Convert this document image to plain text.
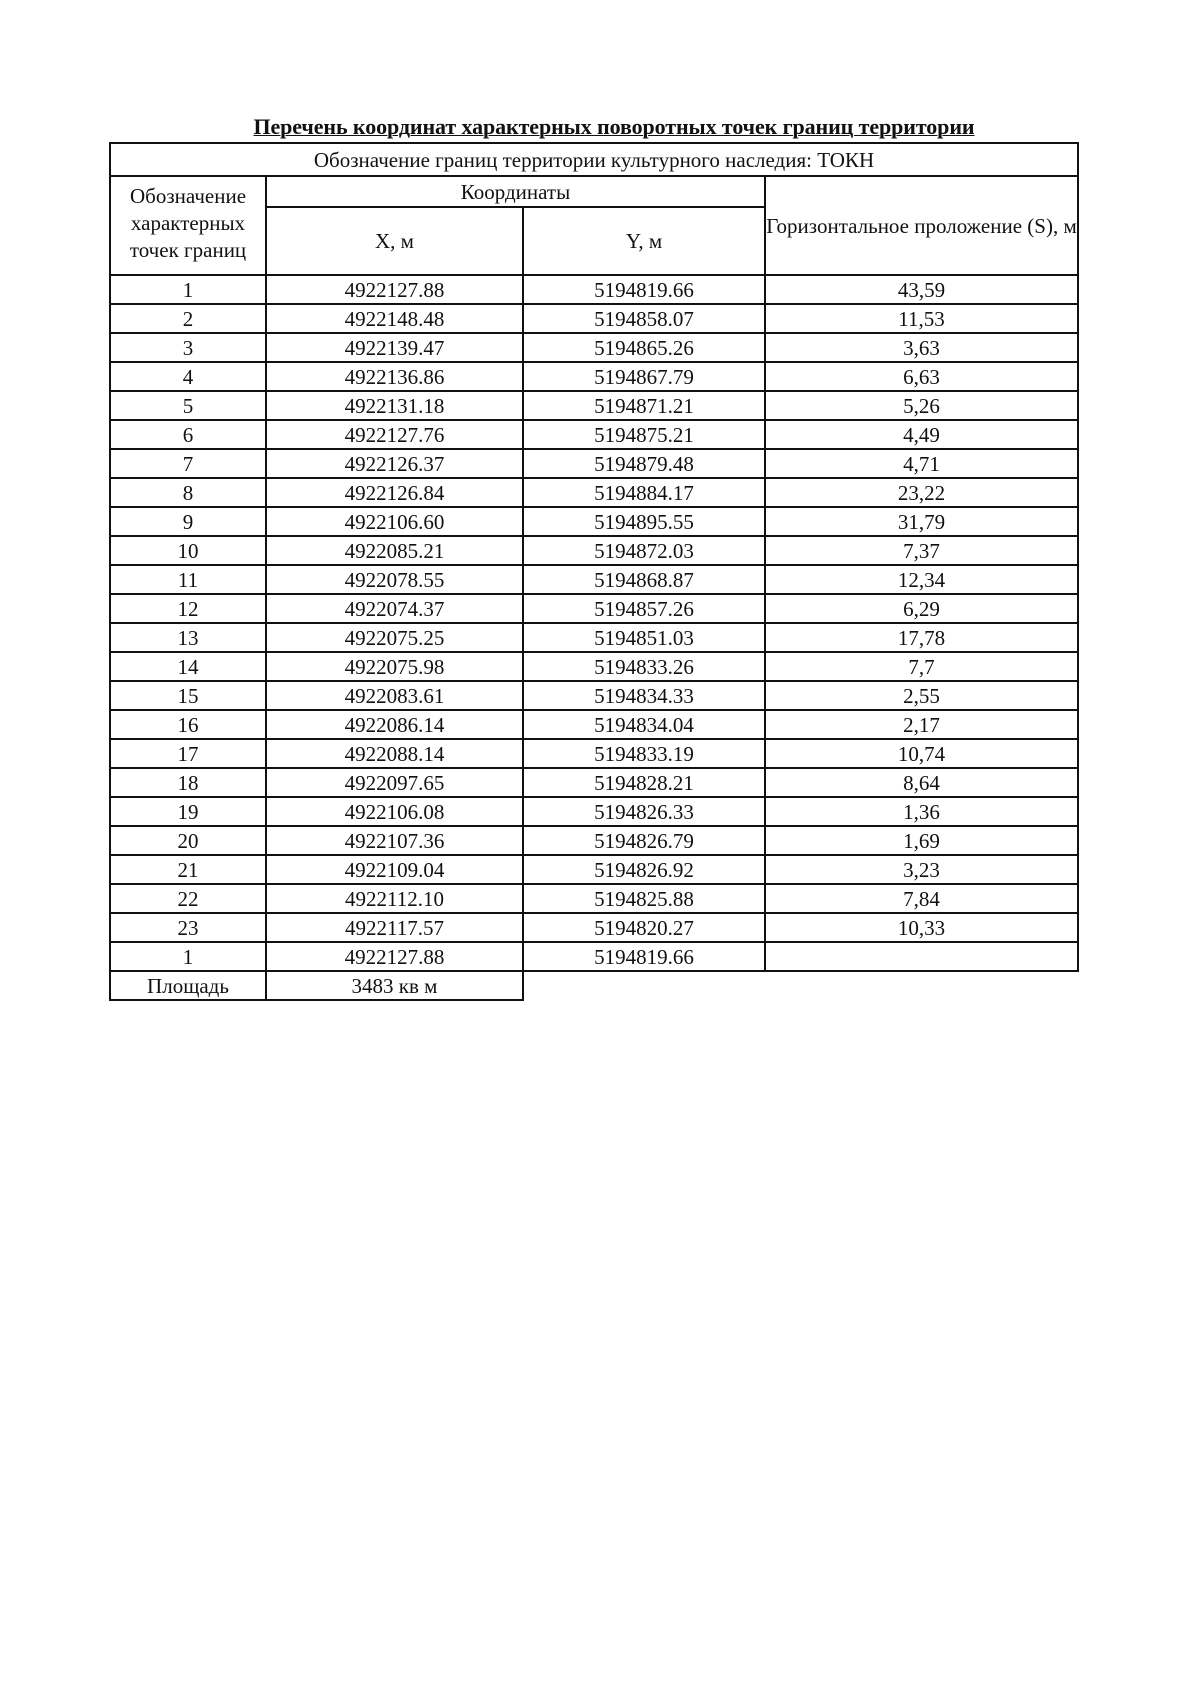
Перечень координат характерных поворотных точек границ территории
Обозначение границ территории культурного наследия: ТОКН			
Обозначение характерных точек границ	Координаты		Горизонтальное проложение (S), м
	X, м	Y, м	
1	4922127.88	5194819.66	43,59
2	4922148.48	5194858.07	11,53
3	4922139.47	5194865.26	3,63
4	4922136.86	5194867.79	6,63
5	4922131.18	5194871.21	5,26
6	4922127.76	5194875.21	4,49
7	4922126.37	5194879.48	4,71
8	4922126.84	5194884.17	23,22
9	4922106.60	5194895.55	31,79
10	4922085.21	5194872.03	7,37
11	4922078.55	5194868.87	12,34
12	4922074.37	5194857.26	6,29
13	4922075.25	5194851.03	17,78
14	4922075.98	5194833.26	7,7
15	4922083.61	5194834.33	2,55
16	4922086.14	5194834.04	2,17
17	4922088.14	5194833.19	10,74
18	4922097.65	5194828.21	8,64
19	4922106.08	5194826.33	1,36
20	4922107.36	5194826.79	1,69
21	4922109.04	5194826.92	3,23
22	4922112.10	5194825.88	7,84
23	4922117.57	5194820.27	10,33
1	4922127.88	5194819.66	
Площадь	3483 кв м		
